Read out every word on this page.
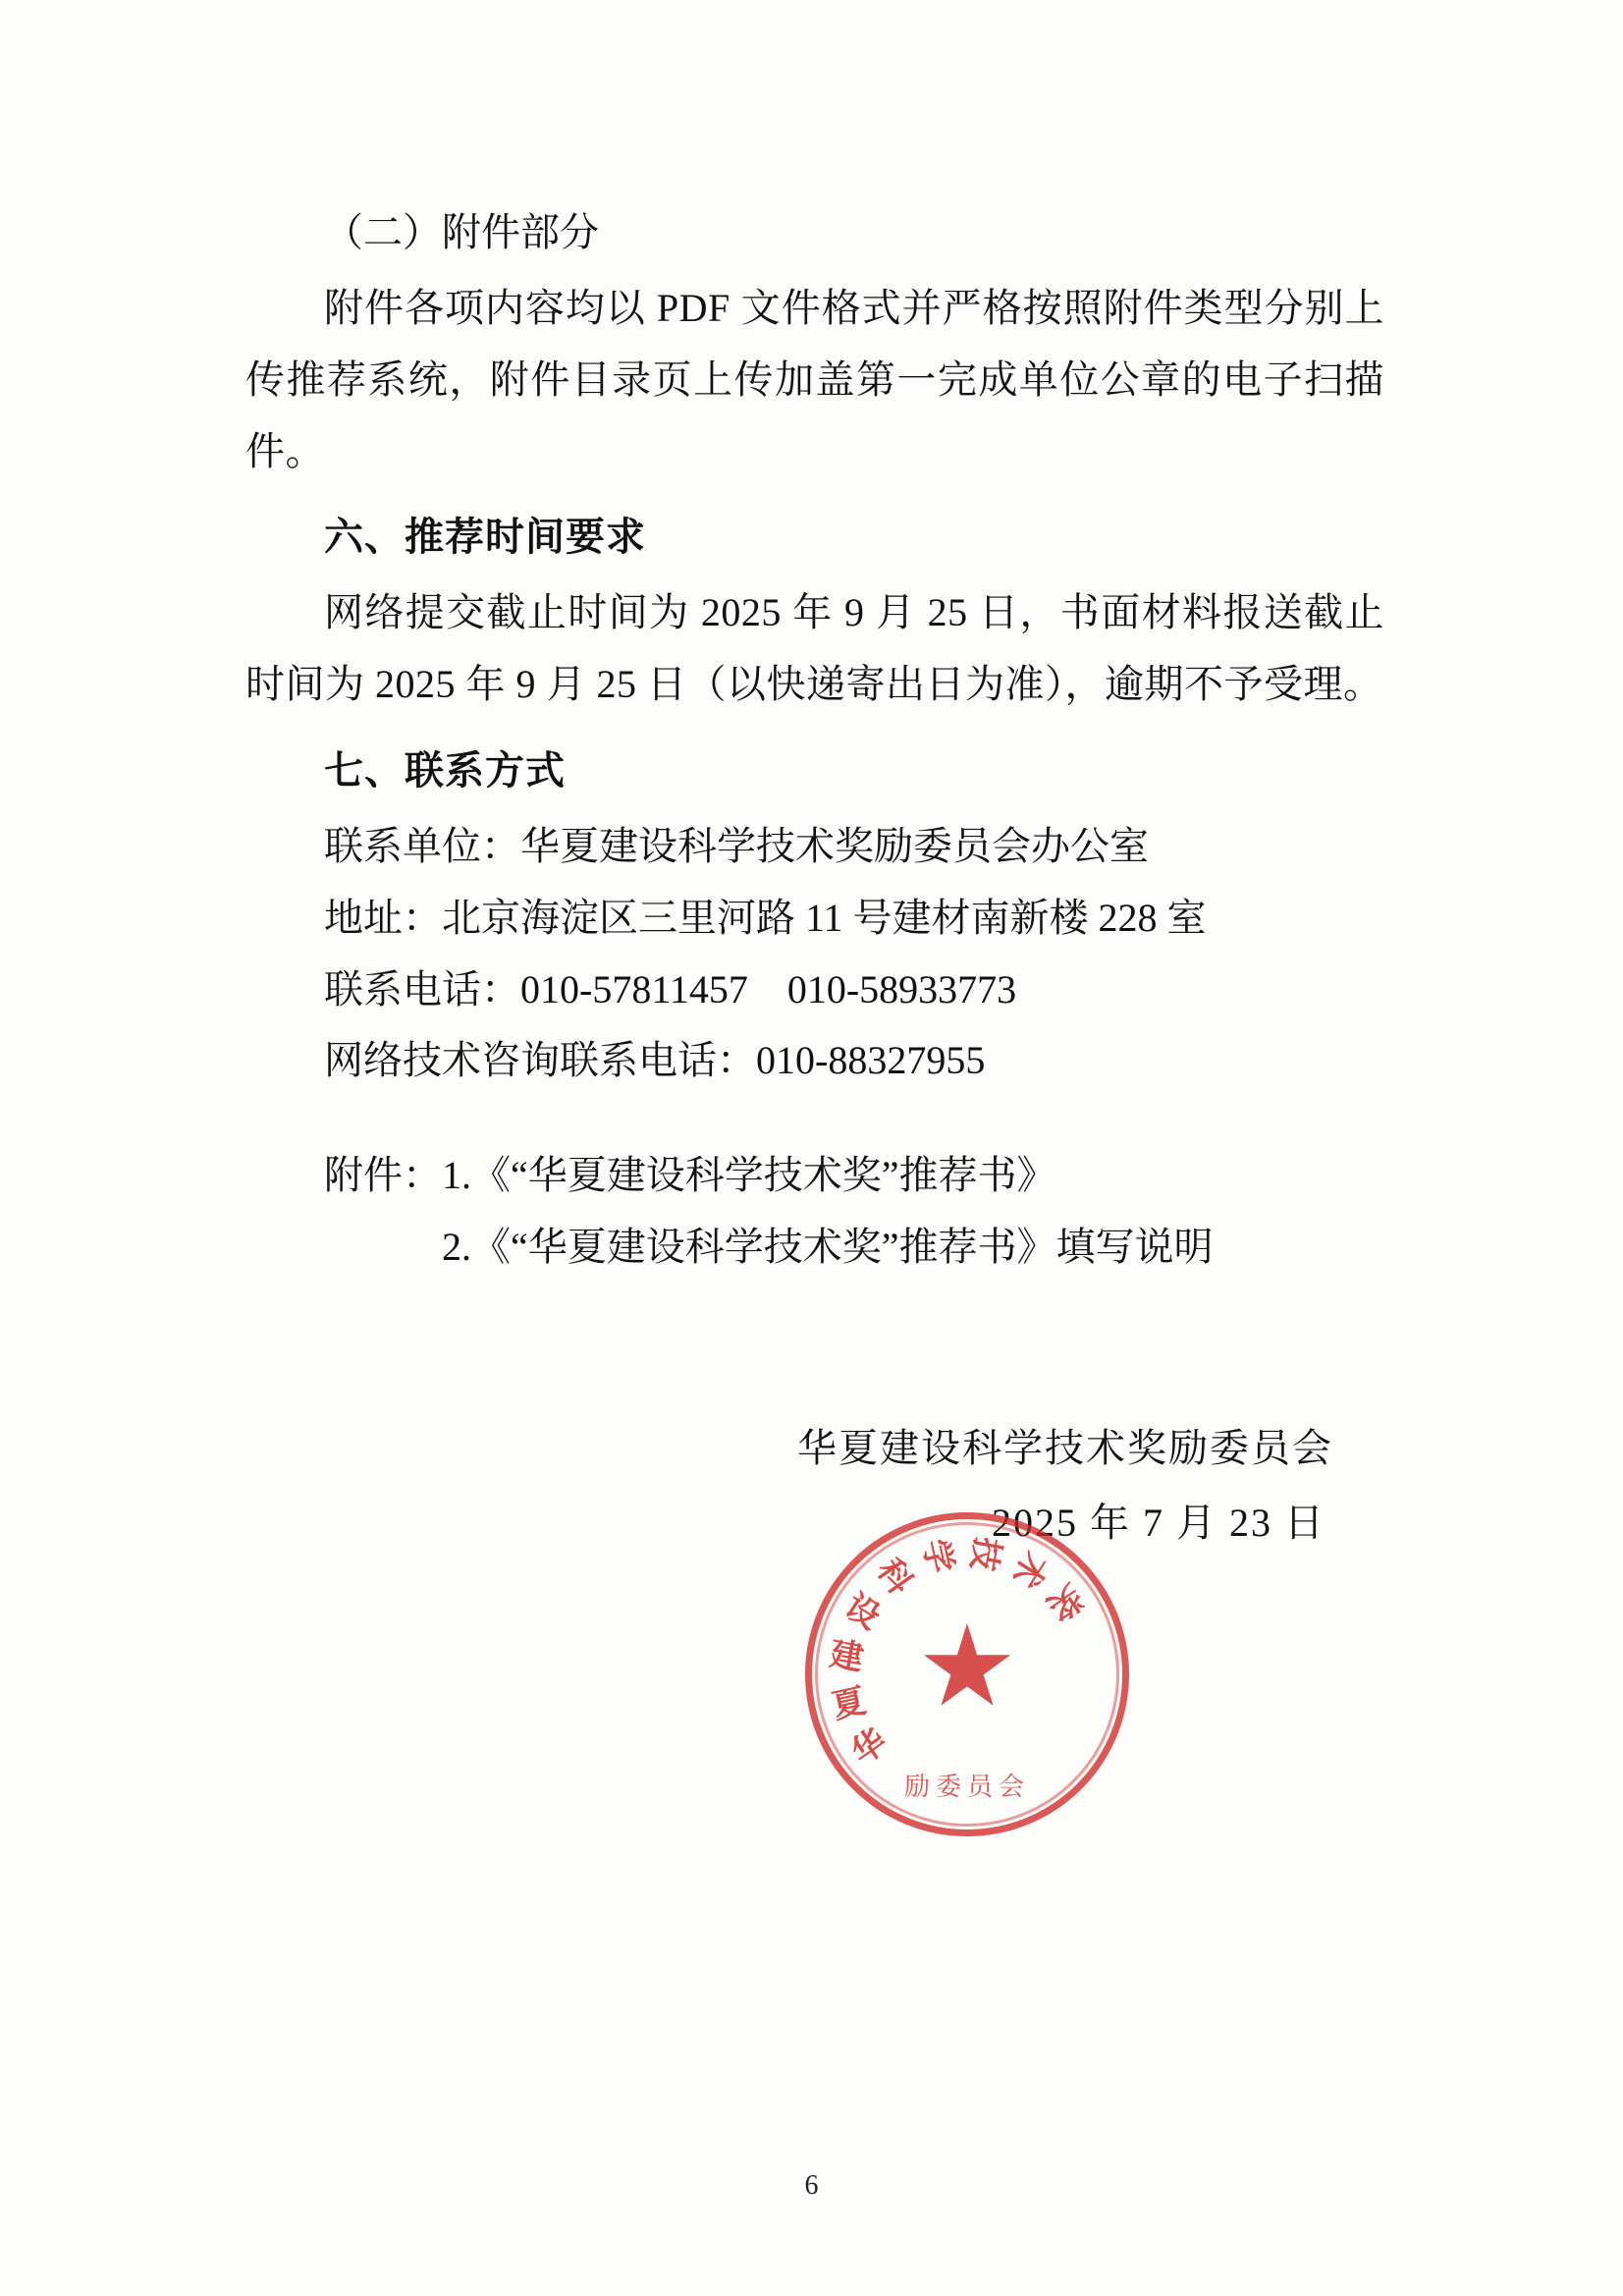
（二）附件部分

附件各项内容均以 PDF 文件格式并严格按照附件类型分别上传推荐系统，附件目录页上传加盖第一完成单位公章的电子扫描件。

六、推荐时间要求

网络提交截止时间为 2025 年 9 月 25 日，书面材料报送截止时间为 2025 年 9 月 25 日（以快递寄出日为准），逾期不予受理。

七、联系方式

联系单位：华夏建设科学技术奖励委员会办公室

地址：北京海淀区三里河路 11 号建材南新楼 228 室

联系电话：010-57811457　010-58933773

网络技术咨询联系电话：010-88327955

附件：1.《“华夏建设科学技术奖”推荐书》

2.《“华夏建设科学技术奖”推荐书》填写说明

华夏建设科学技术奖励委员会
2025 年 7 月 23 日
华
夏
建
设
科
学 技
术
奖
励委员会
6
